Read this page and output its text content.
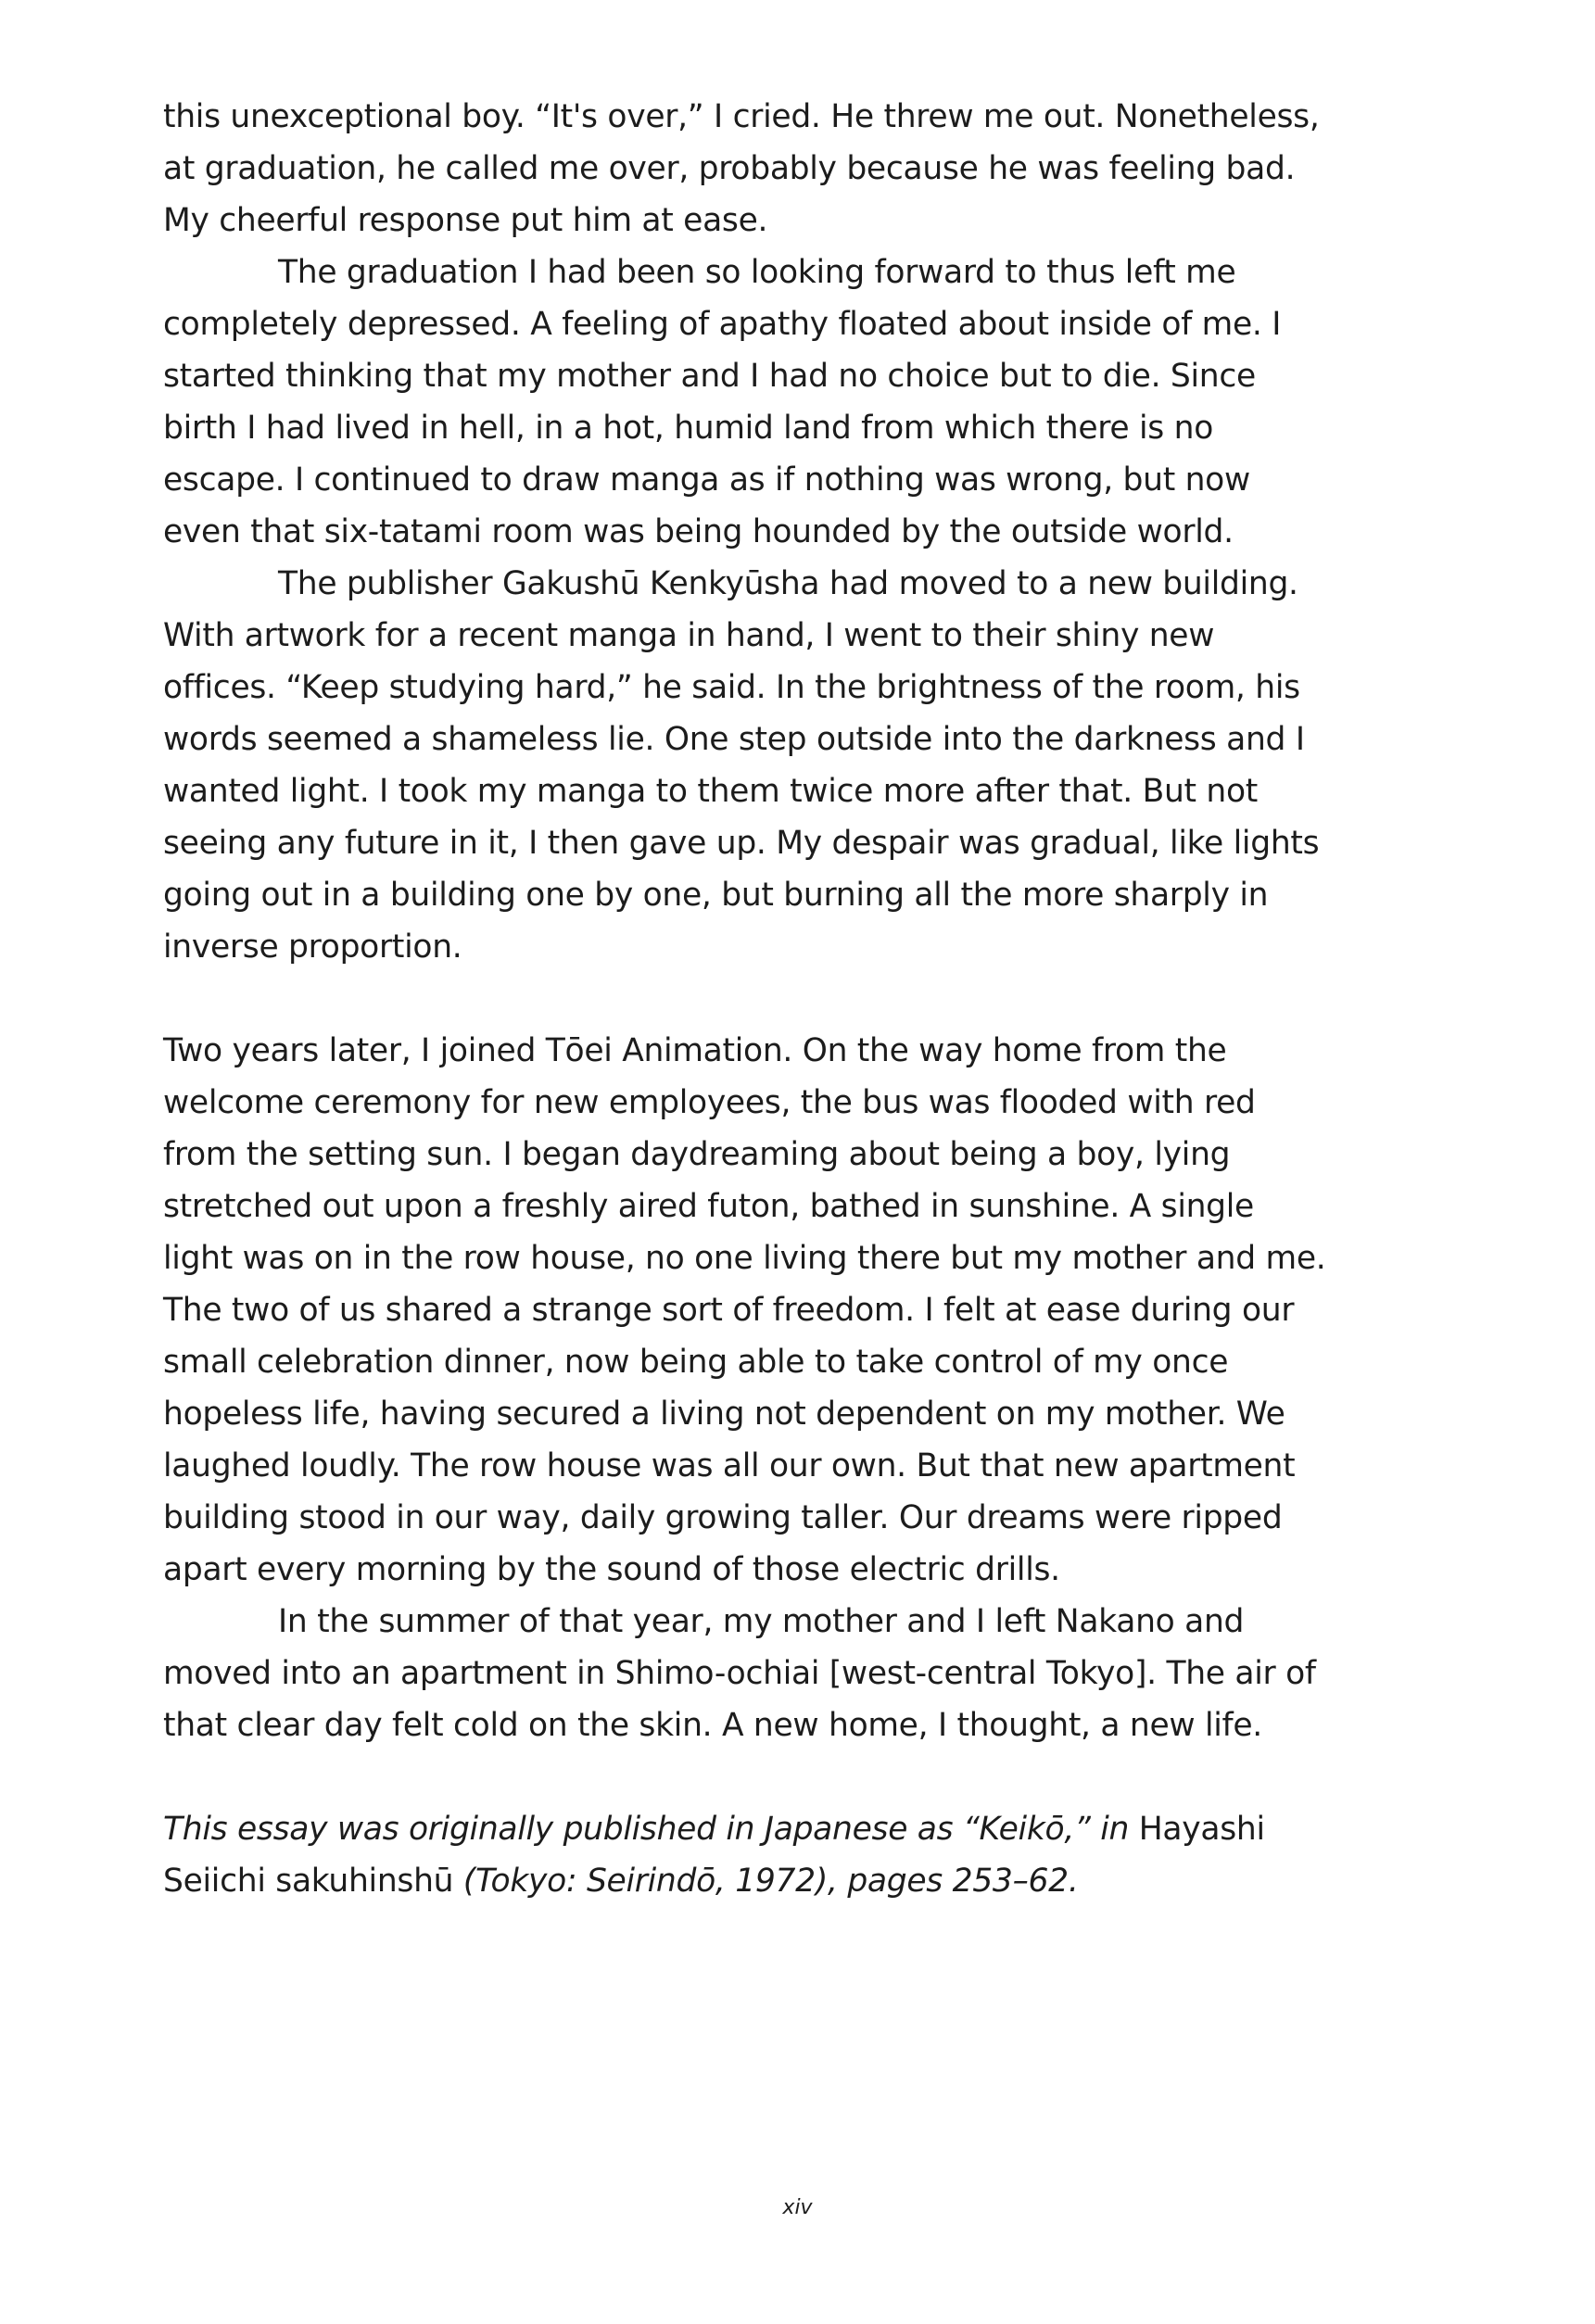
this unexceptional boy. “It's over,” I cried. He threw me out. Nonetheless, at graduation, he called me over, probably because he was feeling bad. My cheerful response put him at ease.

The graduation I had been so looking forward to thus left me completely depressed. A feeling of apathy floated about inside of me. I started thinking that my mother and I had no choice but to die. Since birth I had lived in hell, in a hot, humid land from which there is no escape. I continued to draw manga as if nothing was wrong, but now even that six-tatami room was being hounded by the outside world.

The publisher Gakushū Kenkyūsha had moved to a new building. With artwork for a recent manga in hand, I went to their shiny new offices. “Keep studying hard,” he said. In the brightness of the room, his words seemed a shameless lie. One step outside into the darkness and I wanted light. I took my manga to them twice more after that. But not seeing any future in it, I then gave up. My despair was gradual, like lights going out in a building one by one, but burning all the more sharply in inverse proportion.

Two years later, I joined Tōei Animation. On the way home from the welcome ceremony for new employees, the bus was flooded with red from the setting sun. I began daydreaming about being a boy, lying stretched out upon a freshly aired futon, bathed in sunshine. A single light was on in the row house, no one living there but my mother and me. The two of us shared a strange sort of freedom. I felt at ease during our small celebration dinner, now being able to take control of my once hopeless life, having secured a living not dependent on my mother. We laughed loudly. The row house was all our own. But that new apartment building stood in our way, daily growing taller. Our dreams were ripped apart every morning by the sound of those electric drills.

In the summer of that year, my mother and I left Nakano and moved into an apartment in Shimo-ochiai [west-central Tokyo]. The air of that clear day felt cold on the skin. A new home, I thought, a new life.

This essay was originally published in Japanese as “Keikō,” in Hayashi Seiichi sakuhinshū (Tokyo: Seirindō, 1972), pages 253–62.

xiv
